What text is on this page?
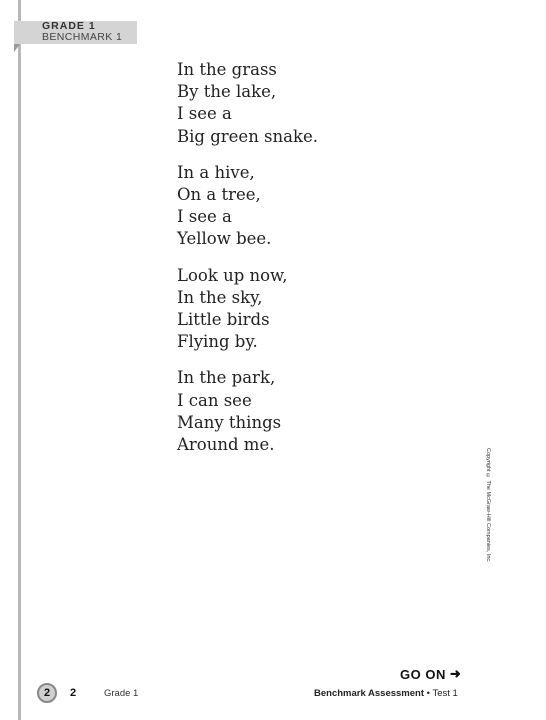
GRADE 1
BENCHMARK 1
In the grass
By the lake,
I see a
Big green snake.
In a hive,
On a tree,
I see a
Yellow bee.
Look up now,
In the sky,
Little birds
Flying by.
In the park,
I can see
Many things
Around me.
Copyright © The McGraw-Hill Companies, Inc.
GO ON ➜
2	2	Grade 1	Benchmark Assessment • Test 1
